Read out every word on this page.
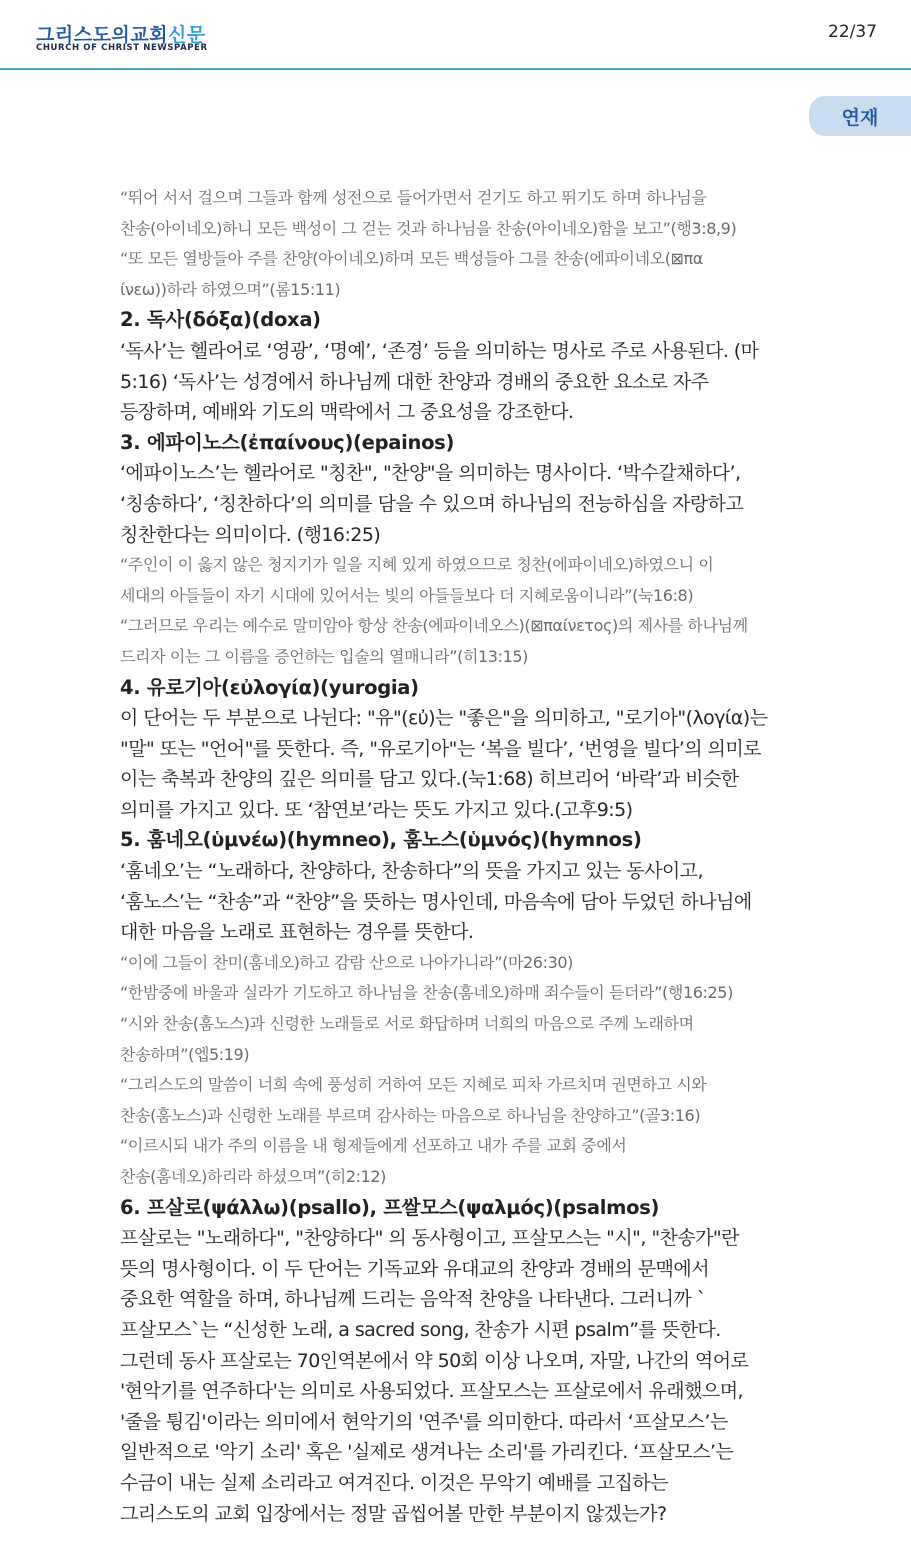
그리스도의교회신문
CHURCH OF CHRIST NEWSPAPER
22/37
연재

“뛰어 서서 걸으며 그들과 함께 성전으로 들어가면서 걷기도 하고 뛰기도 하며 하나님을

찬송(아이네오)하니 모든 백성이 그 걷는 것과 하나님을 찬송(아이네오)함을 보고”(행3:8,9)

“또 모든 열방들아 주를 찬양(아이네오)하며 모든 백성들아 그를 찬송(에파이네오(⊠πα

ίνεω))하라 하였으며”(롬15:11)

2. 독사(δόξα)(doxa)

‘독사’는 헬라어로 ‘영광’, ‘명예’, ‘존경’ 등을 의미하는 명사로 주로 사용된다. (마

5:16) ‘독사’는 성경에서 하나님께 대한 찬양과 경배의 중요한 요소로 자주

등장하며, 예배와 기도의 맥락에서 그 중요성을 강조한다.

3. 에파이노스(ἐπαίνους)(epainos)

‘에파이노스’는 헬라어로 "칭찬", "찬양"을 의미하는 명사이다. ‘박수갈채하다’,

‘칭송하다’, ‘칭찬하다’의 의미를 담을 수 있으며 하나님의 전능하심을 자랑하고

칭찬한다는 의미이다. (행16:25)

“주인이 이 옳지 않은 청지기가 일을 지혜 있게 하였으므로 칭찬(에파이네오)하였으니 이

세대의 아들들이 자기 시대에 있어서는 빛의 아들들보다 더 지혜로움이니라”(눅16:8)

“그러므로 우리는 예수로 말미암아 항상 찬송(에파이네오스)(⊠παίνετος)의 제사를 하나님께

드리자 이는 그 이름을 증언하는 입술의 열매니라”(히13:15)

4. 유로기아(εὐλογία)(yurogia)

이 단어는 두 부분으로 나뉜다: "유"(εὐ)는 "좋은"을 의미하고, "로기아"(λογία)는

"말" 또는 "언어"를 뜻한다. 즉, "유로기아"는 ‘복을 빌다’, ‘번영을 빌다’의 의미로

이는 축복과 찬양의 깊은 의미를 담고 있다.(눅1:68) 히브리어 ‘바락’과 비슷한

의미를 가지고 있다. 또 ‘참연보’라는 뜻도 가지고 있다.(고후9:5)

5. 훔네오(ὑμνέω)(hymneo), 훔노스(ὑμνός)(hymnos)

‘훔네오’는 “노래하다, 찬양하다, 찬송하다”의 뜻을 가지고 있는 동사이고,

‘훔노스’는 “찬송”과 “찬양”을 뜻하는 명사인데, 마음속에 담아 두었던 하나님에

대한 마음을 노래로 표현하는 경우를 뜻한다.

“이에 그들이 찬미(훔네오)하고 감람 산으로 나아가니라”(마26:30)

“한밤중에 바울과 실라가 기도하고 하나님을 찬송(훔네오)하매 죄수들이 듣더라”(행16:25)

“시와 찬송(훔노스)과 신령한 노래들로 서로 화답하며 너희의 마음으로 주께 노래하며

찬송하며”(엡5:19)

“그리스도의 말씀이 너희 속에 풍성히 거하여 모든 지혜로 피차 가르치며 권면하고 시와

찬송(훔노스)과 신령한 노래를 부르며 감사하는 마음으로 하나님을 찬양하고”(골3:16)

“이르시되 내가 주의 이름을 내 형제들에게 선포하고 내가 주를 교회 중에서

찬송(훔네오)하리라 하셨으며”(히2:12)

6. 프살로(ψάλλω)(psallo), 프쌀모스(ψαλμός)(psalmos)

프살로는 "노래하다", "찬양하다" 의 동사형이고, 프살모스는 "시", "찬송가"란

뜻의 명사형이다. 이 두 단어는 기독교와 유대교의 찬양과 경배의 문맥에서

중요한 역할을 하며, 하나님께 드리는 음악적 찬양을 나타낸다. 그러니까 `

프살모스`는 “신성한 노래, a sacred song, 찬송가 시편 psalm”를 뜻한다.

그런데 동사 프살로는 70인역본에서 약 50회 이상 나오며, 자말, 나간의 역어로

'현악기를 연주하다'는 의미로 사용되었다. 프살모스는 프살로에서 유래했으며,

'줄을 튕김'이라는 의미에서 현악기의 '연주'를 의미한다. 따라서 ‘프살모스’는

일반적으로 '악기 소리' 혹은 '실제로 생겨나는 소리'를 가리킨다. ‘프살모스’는

수금이 내는 실제 소리라고 여겨진다. 이것은 무악기 예배를 고집하는

그리스도의 교회 입장에서는 정말 곱씹어볼 만한 부분이지 않겠는가?
